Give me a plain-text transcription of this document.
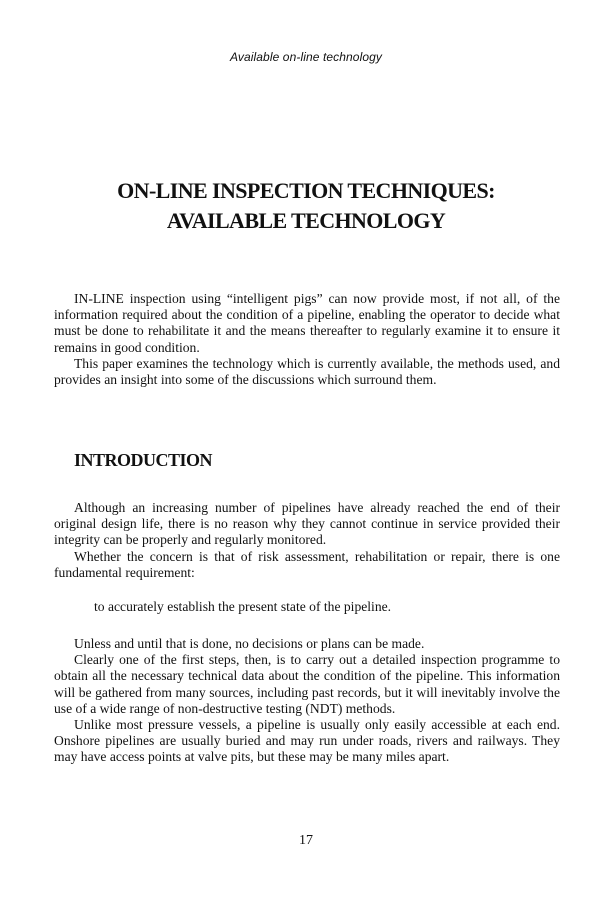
Available on-line technology
ON-LINE INSPECTION TECHNIQUES:
AVAILABLE TECHNOLOGY

IN-LINE inspection using “intelligent pigs” can now provide most, if not all, of the information required about the condition of a pipeline, enabling the operator to decide what must be done to rehabilitate it and the means thereafter to regularly examine it to ensure it remains in good condition.

This paper examines the technology which is currently available, the methods used, and provides an insight into some of the discussions which surround them.

INTRODUCTION

Although an increasing number of pipelines have already reached the end of their original design life, there is no reason why they cannot continue in service provided their integrity can be properly and regularly monitored.

Whether the concern is that of risk assessment, rehabilitation or repair, there is one fundamental requirement:

to accurately establish the present state of the pipeline.

Unless and until that is done, no decisions or plans can be made.

Clearly one of the first steps, then, is to carry out a detailed inspection programme to obtain all the necessary technical data about the condition of the pipeline. This information will be gathered from many sources, including past records, but it will inevitably involve the use of a wide range of non-destructive testing (NDT) methods.

Unlike most pressure vessels, a pipeline is usually only easily accessible at each end. Onshore pipelines are usually buried and may run under roads, rivers and railways. They may have access points at valve pits, but these may be many miles apart.

17
